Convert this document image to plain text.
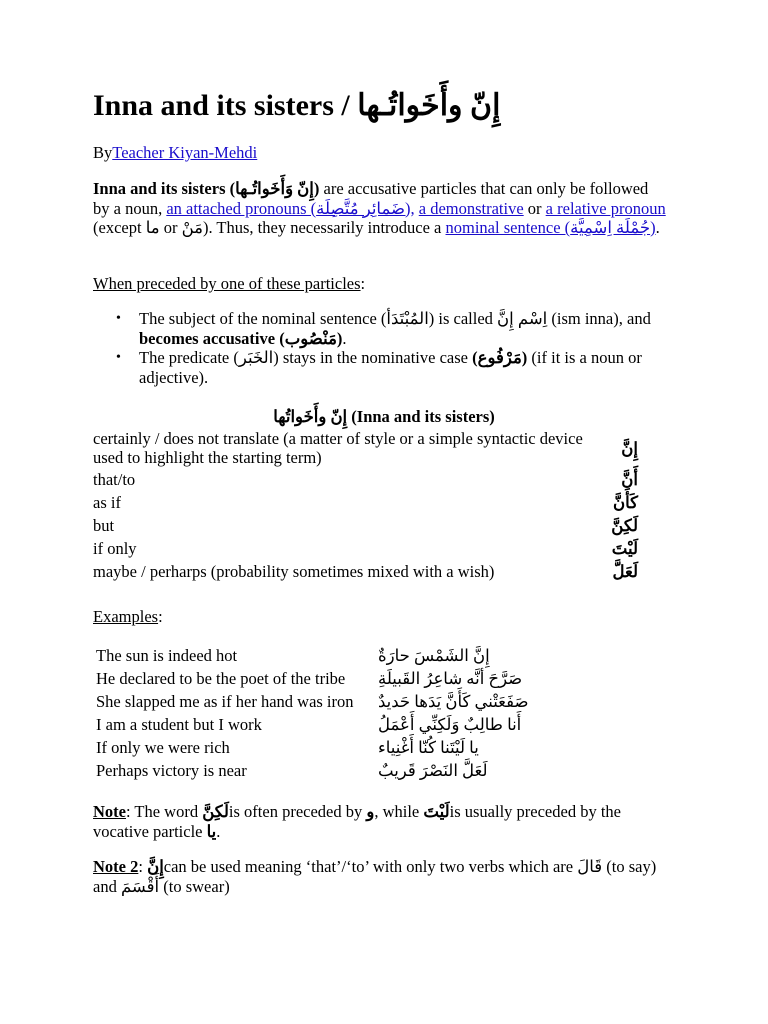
Inna and its sisters / إِنّ وأَخَواتُـها
ByTeacher Kiyan-Mehdi
Inna and its sisters (إِنّ وَأَخَواتُـها) are accusative particles that can only be followed by a noun, an attached pronouns (ضَمائِر مُتَّصِلَة), a demonstrative or a relative pronoun (except ما or مَنْ). Thus, they necessarily introduce a nominal sentence (جُمْلَة اِسْمِيَّة).
When preceded by one of these particles:
• The subject of the nominal sentence (المُبْتَدَأ) is called اِسْم إِنَّ (ism inna), and becomes accusative (مَنْصُوب).
• The predicate (الخَبَر) stays in the nominative case (مَرْفُوع) (if it is a noun or adjective).
إِنّ وأَخَواتُها (Inna and its sisters)
certainly / does not translate (a matter of style or a simple syntactic device used to highlight the starting term)	إِنَّ
that/to	أَنَّ
as if	كَأَنَّ
but	لَكِنَّ
if only	لَيْتَ
maybe / perharps (probability sometimes mixed with a wish)	لَعَلَّ
Examples:
The sun is indeed hot	إِنَّ الشَمْسَ حارَةٌ
He declared to be the poet of the tribe صَرَّحَ أنَّه شاعِرُ القَبيلَةِ
She slapped me as if her hand was iron صَفَعَتْني كَأَنَّ يَدَها حَديدٌ
I am a student but I work	أَنا طالِبٌ وَلَكِنِّي أَعْمَلُ
If only we were rich	يا لَيْتَنا كُنّا أَغْنِياء
Perhaps victory is near	لَعَلَّ النَصْرَ قَريبٌ
Note: The word لَكِنَّis often preceded by و, while لَيْتَis usually preceded by the vocative particle يا.
Note 2: إِنَّcan be used meaning ‘that’/‘to’ with only two verbs which are قَالَ (to say) and أَقْسَمَ (to swear)
